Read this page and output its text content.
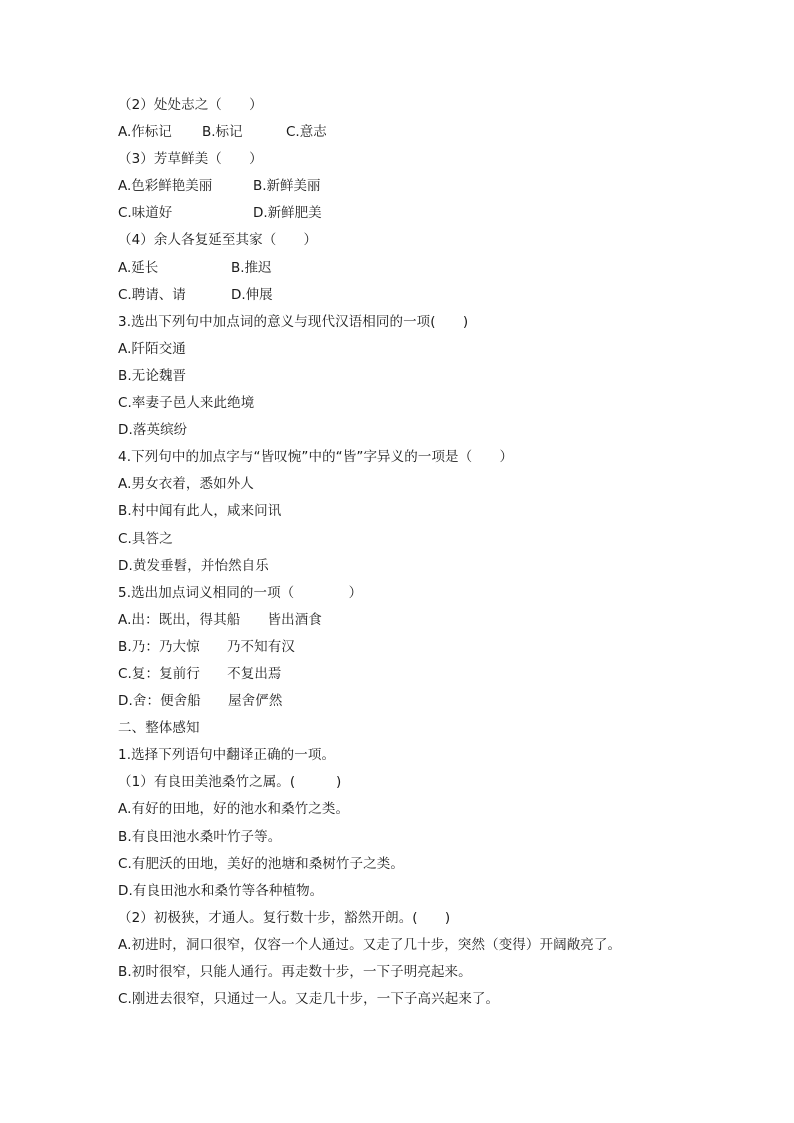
（2）处处志之（　　）
A.作标记	B.标记	C.意志
（3）芳草鲜美（　　）
A.色彩鲜艳美丽	B.新鲜美丽
C.味道好	D.新鲜肥美
（4）余人各复延至其家（　　）
A.延长	B.推迟
C.聘请、请	D.伸展
3.选出下列句中加点词的意义与现代汉语相同的一项(　　)
A.阡陌交通
B.无论魏晋
C.率妻子邑人来此绝境
D.落英缤纷
4.下列句中的加点字与“皆叹惋”中的“皆”字异义的一项是（　　）
A.男女衣着，悉如外人
B.村中闻有此人，咸来问讯
C.具答之
D.黄发垂髫，并怡然自乐
5.选出加点词义相同的一项（　　　　）
A.出：既出，得其船　　皆出酒食
B.乃：乃大惊　　乃不知有汉
C.复：复前行　　不复出焉
D.舍：便舍船　　屋舍俨然
二、整体感知
1.选择下列语句中翻译正确的一项。
（1）有良田美池桑竹之属。(　　　)
A.有好的田地，好的池水和桑竹之类。
B.有良田池水桑叶竹子等。
C.有肥沃的田地，美好的池塘和桑树竹子之类。
D.有良田池水和桑竹等各种植物。
（2）初极狭，才通人。复行数十步，豁然开朗。(　　)
A.初进时，洞口很窄，仅容一个人通过。又走了几十步，突然（变得）开阔敞亮了。
B.初时很窄，只能人通行。再走数十步，一下子明亮起来。
C.刚进去很窄，只通过一人。又走几十步，一下子高兴起来了。
